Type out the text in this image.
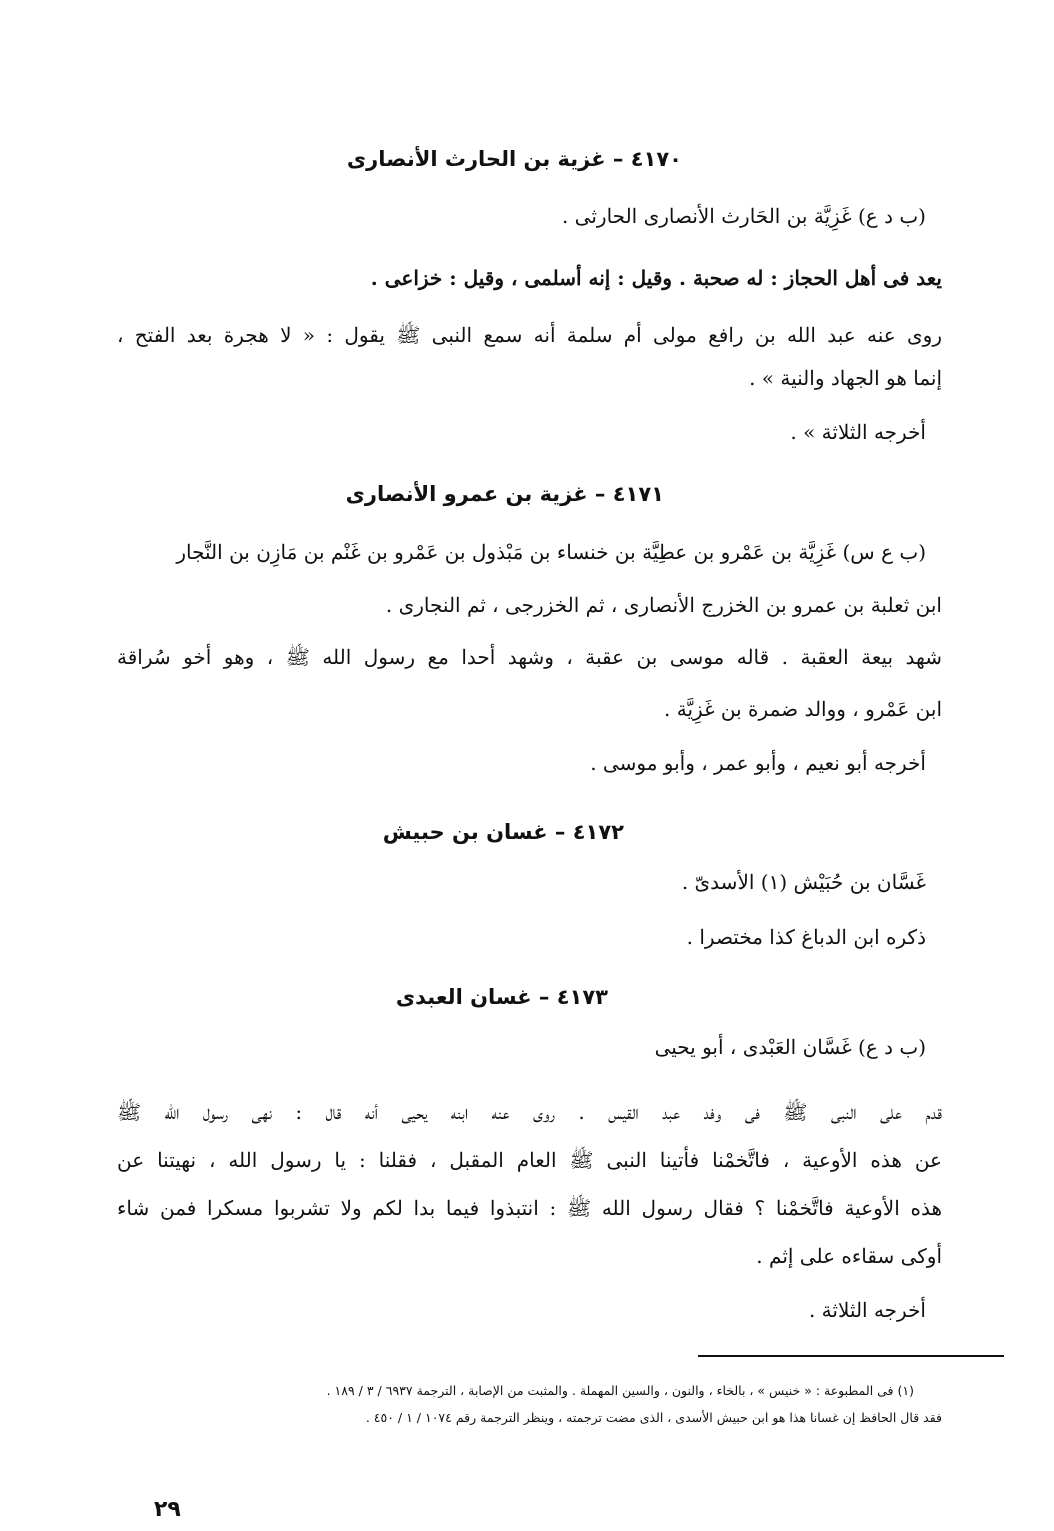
٤١٧٠ – غزية بن الحارث الأنصارى

(ب د ع) غَزِيَّة بن الحَارث الأنصارى الحارثى .

يعد فى أهل الحجاز : له صحبة . وقيل : إنه أسلمى ، وقيل : خزاعى .

روى عنه عبد الله بن رافع مولى أم سلمة أنه سمع النبى ﷺ يقول : « لا هجرة بعد الفتح ،

إنما هو الجهاد والنية » .

أخرجه الثلاثة » .

٤١٧١ – غزية بن عمرو الأنصارى

(ب ع س) غَزِيَّة بن عَمْرو بن عطِيَّة بن خنساء بن مَبْذول بن عَمْرو بن غَنْم بن مَازِن بن النَّجار

ابن ثعلبة بن عمرو بن الخزرج الأنصارى ، ثم الخزرجى ، ثم النجارى .

شهد بيعة العقبة . قاله موسى بن عقبة ، وشهد أحدا مع رسول الله ﷺ ، وهو أخو سُراقة

ابن عَمْرو ، ووالد ضمرة بن غَزِيَّة .

أخرجه أبو نعيم ، وأبو عمر ، وأبو موسى .

٤١٧٢ – غسان بن حبيش

غَسَّان بن حُبَيْش (١) الأسدىّ .

ذكره ابن الدباغ كذا مختصرا .

٤١٧٣ – غسان العبدى

(ب د ع) غَسَّان العَبْدى ، أبو يحيى

قدم على النبى ﷺ فى وفد عبد القيس . روى عنه ابنه يحيى أنه قال : نهى رسول الله ﷺ

عن هذه الأوعية ، فاتَّخمْنا فأتينا النبى ﷺ العام المقبل ، فقلنا : يا رسول الله ، نهيتنا عن

هذه الأوعية فاتَّخمْنا ؟ فقال رسول الله ﷺ : انتبذوا فيما بدا لكم ولا تشربوا مسكرا فمن شاء

أوكى سقاءه على إثم .

أخرجه الثلاثة .

(١) فى المطبوعة : « خنيس » ، بالخاء ، والنون ، والسين المهملة . والمثبت من الإصابة ، الترجمة ٦٩٣٧ / ٣ / ١٨٩ .

فقد قال الحافظ إن غسانا هذا هو ابن حبيش الأسدى ، الذى مضت ترجمته ، وينظر الترجمة رقم ١٠٧٤ / ١ / ٤٥٠ .

٢٩
